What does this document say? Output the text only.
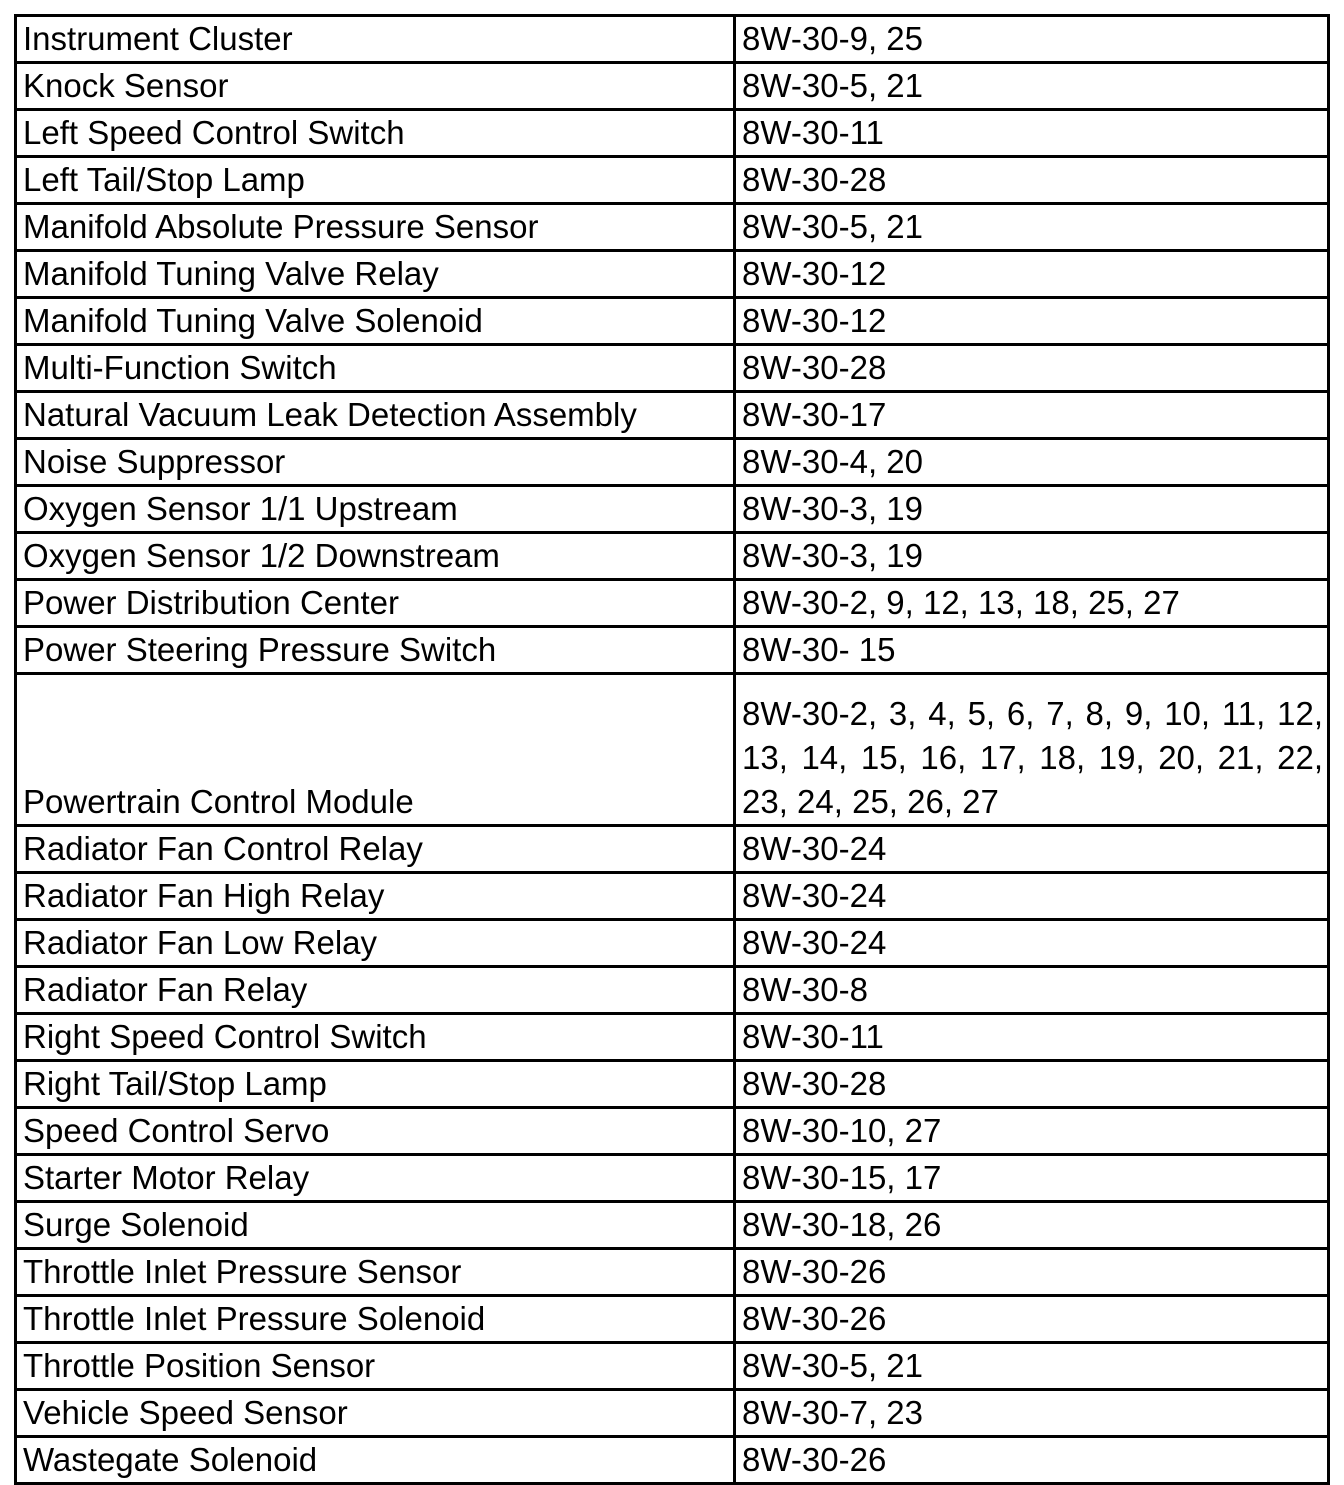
Instrument Cluster	8W-30-9, 25
Knock Sensor	8W-30-5, 21
Left Speed Control Switch	8W-30-11
Left Tail/Stop Lamp	8W-30-28
Manifold Absolute Pressure Sensor	8W-30-5, 21
Manifold Tuning Valve Relay	8W-30-12
Manifold Tuning Valve Solenoid	8W-30-12
Multi-Function Switch	8W-30-28
Natural Vacuum Leak Detection Assembly	8W-30-17
Noise Suppressor	8W-30-4, 20
Oxygen Sensor 1/1 Upstream	8W-30-3, 19
Oxygen Sensor 1/2 Downstream	8W-30-3, 19
Power Distribution Center	8W-30-2, 9, 12, 13, 18, 25, 27
Power Steering Pressure Switch	8W-30- 15
Powertrain Control Module	8W-30-2, 3, 4, 5, 6, 7, 8, 9, 10, 11, 12, 13, 14, 15, 16, 17, 18, 19, 20, 21, 22, 23, 24, 25, 26, 27
Radiator Fan Control Relay	8W-30-24
Radiator Fan High Relay	8W-30-24
Radiator Fan Low Relay	8W-30-24
Radiator Fan Relay	8W-30-8
Right Speed Control Switch	8W-30-11
Right Tail/Stop Lamp	8W-30-28
Speed Control Servo	8W-30-10, 27
Starter Motor Relay	8W-30-15, 17
Surge Solenoid	8W-30-18, 26
Throttle Inlet Pressure Sensor	8W-30-26
Throttle Inlet Pressure Solenoid	8W-30-26
Throttle Position Sensor	8W-30-5, 21
Vehicle Speed Sensor	8W-30-7, 23
Wastegate Solenoid	8W-30-26
